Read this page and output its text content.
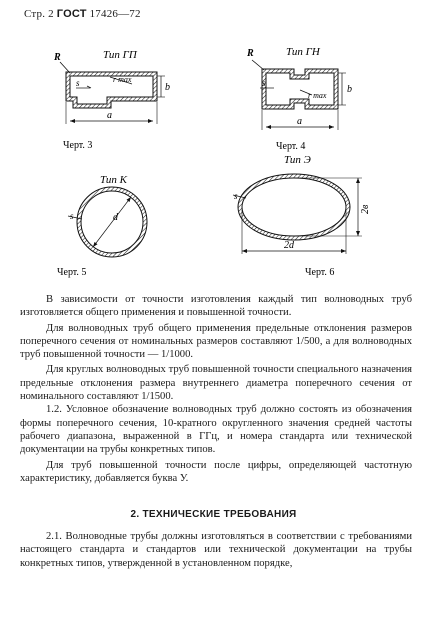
Стр. 2 ГОСТ 17426—72
Тип ГП
R
r max
s	b
a
Черт. 3
Тип ГН
R
r max
s
b
a
Черт. 4
Тип К
s	d
Черт. 5
Тип Э
s
2в
2d
Черт. 6

В зависимости от точности изготовления каждый тип волноводных труб изготовляется общего применения и повышенной точности.

Для волноводных труб общего применения предельные отклонения размеров поперечного сечения от номинальных размеров составляют 1/500, а для волноводных труб повышенной точности — 1/1000.

Для круглых волноводных труб повышенной точности специального назначения предельные отклонения размера внутреннего диаметра поперечного сечения от номинального составляют 1/1500.

1.2. Условное обозначение волноводных труб должно состоять из обозначения формы поперечного сечения, 10-кратного округленного значения средней частоты рабочего диапазона, выраженной в ГГц, и номера стандарта или технической документации на трубы конкретных типов.

Для труб повышенной точности после цифры, определяющей частотную характеристику, добавляется буква У.

2. ТЕХНИЧЕСКИЕ ТРЕБОВАНИЯ

2.1. Волноводные трубы должны изготовляться в соответствии с требованиями настоящего стандарта и стандартов или технической документации на трубы конкретных типов, утвержденной в установленном порядке,
